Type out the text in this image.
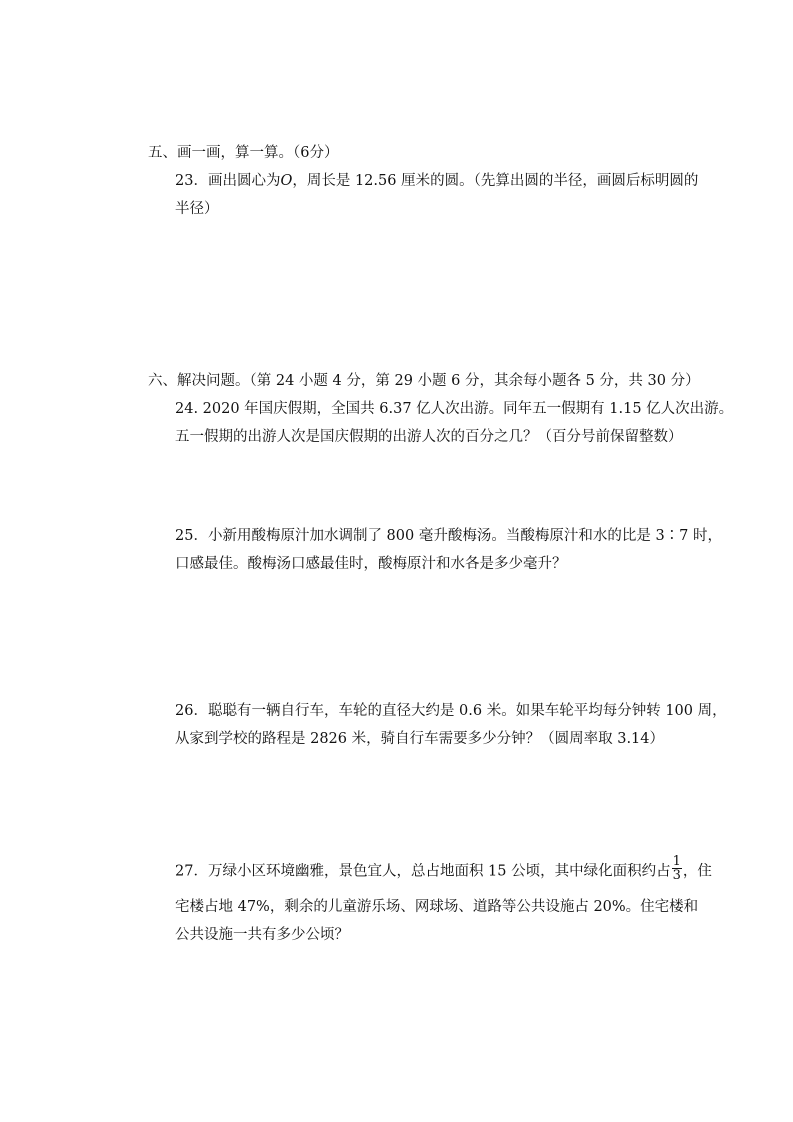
五、画一画，算一算。（6分）
23．画出圆心为O，周长是 12.56 厘米的圆。（先算出圆的半径，画圆后标明圆的
半径）
六、解决问题。（第 24 小题 4 分，第 29 小题 6 分，其余每小题各 5 分，共 30 分）
24. 2020 年国庆假期，全国共 6.37 亿人次出游。同年五一假期有 1.15 亿人次出游。
五一假期的出游人次是国庆假期的出游人次的百分之几？（百分号前保留整数）
25．小新用酸梅原汁加水调制了 800 毫升酸梅汤。当酸梅原汁和水的比是 3∶7 时，
口感最佳。酸梅汤口感最佳时，酸梅原汁和水各是多少毫升？
26．聪聪有一辆自行车，车轮的直径大约是 0.6 米。如果车轮平均每分钟转 100 周，
从家到学校的路程是 2826 米，骑自行车需要多少分钟？（圆周率取 3.14）
27．万绿小区环境幽雅，景色宜人，总占地面积 15 公顷，其中绿化面积约占 $\frac{1}{3}$ ，住
宅楼占地 47%，剩余的儿童游乐场、网球场、道路等公共设施占 20%。住宅楼和
公共设施一共有多少公顷？
